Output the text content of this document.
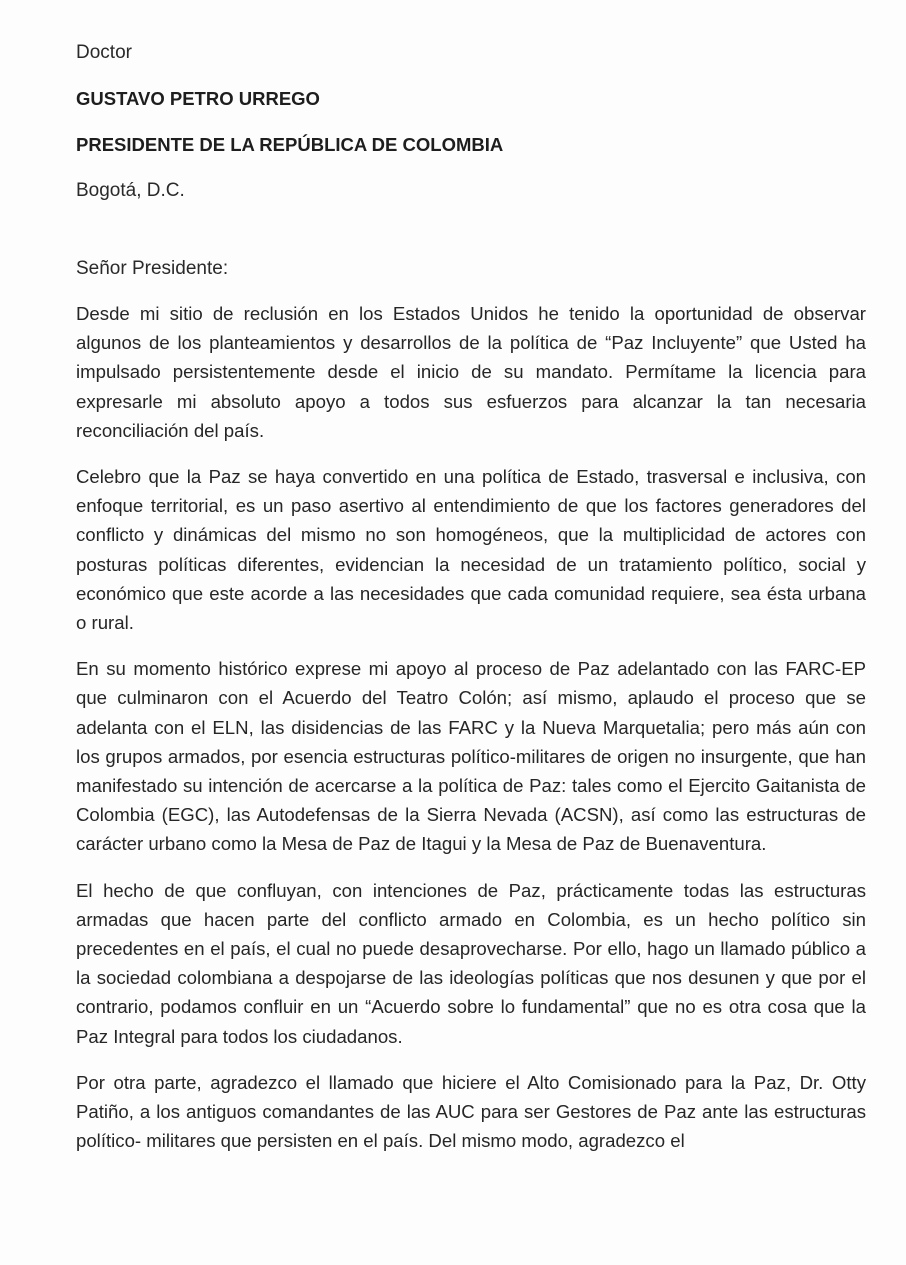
Doctor

GUSTAVO PETRO URREGO

PRESIDENTE DE LA REPÚBLICA DE COLOMBIA

Bogotá, D.C.

Señor Presidente:

Desde mi sitio de reclusión en los Estados Unidos he tenido la oportunidad de observar algunos de los planteamientos y desarrollos de la política de “Paz Incluyente” que Usted ha impulsado persistentemente desde el inicio de su mandato. Permítame la licencia para expresarle mi absoluto apoyo a todos sus esfuerzos para alcanzar la tan necesaria reconciliación del país.

Celebro que la Paz se haya convertido en una política de Estado, trasversal e inclusiva, con enfoque territorial, es un paso asertivo al entendimiento de que los factores generadores del conflicto y dinámicas del mismo no son homogéneos, que la multiplicidad de actores con posturas políticas diferentes, evidencian la necesidad de un tratamiento político, social y económico que este acorde a las necesidades que cada comunidad requiere, sea ésta urbana o rural.

En su momento histórico exprese mi apoyo al proceso de Paz adelantado con las FARC-EP que culminaron con el Acuerdo del Teatro Colón; así mismo, aplaudo el proceso que se adelanta con el ELN, las disidencias de las FARC y la Nueva Marquetalia; pero más aún con los grupos armados, por esencia estructuras político-militares de origen no insurgente, que han manifestado su intención de acercarse a la política de Paz: tales como el Ejercito Gaitanista de Colombia (EGC), las Autodefensas de la Sierra Nevada (ACSN), así como las estructuras de carácter urbano como la Mesa de Paz de Itagui y la Mesa de Paz de Buenaventura.

El hecho de que confluyan, con intenciones de Paz, prácticamente todas las estructuras armadas que hacen parte del conflicto armado en Colombia, es un hecho político sin precedentes en el país, el cual no puede desaprovecharse. Por ello, hago un llamado público a la sociedad colombiana a despojarse de las ideologías políticas que nos desunen y que por el contrario, podamos confluir en un “Acuerdo sobre lo fundamental” que no es otra cosa que la Paz Integral para todos los ciudadanos.

Por otra parte, agradezco el llamado que hiciere el Alto Comisionado para la Paz, Dr. Otty Patiño, a los antiguos comandantes de las AUC para ser Gestores de Paz ante las estructuras político- militares que persisten en el país. Del mismo modo, agradezco el
